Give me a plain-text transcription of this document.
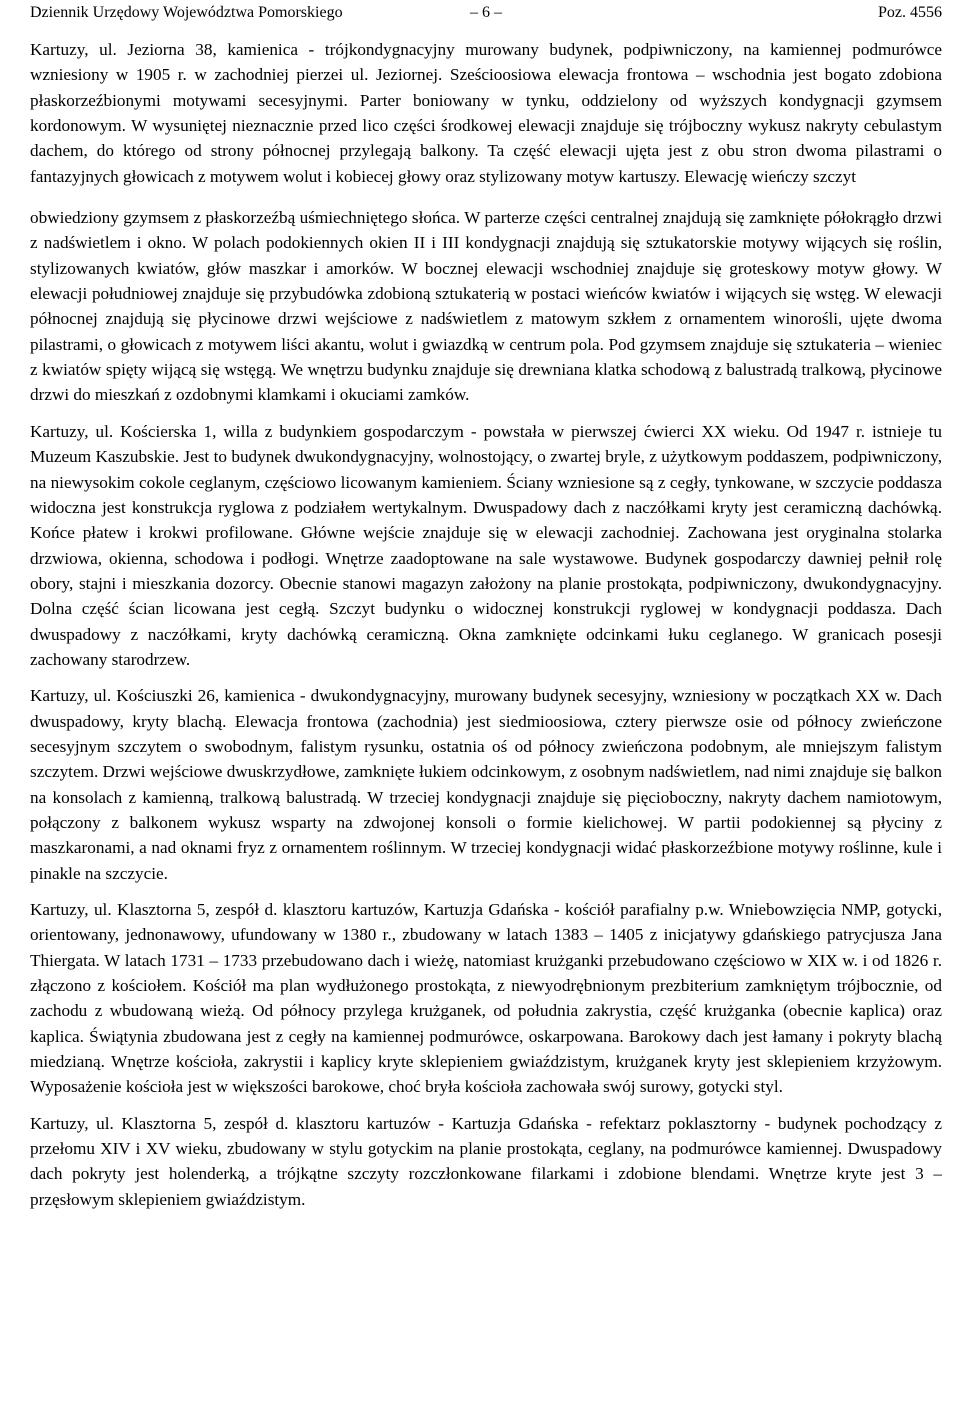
Dziennik Urzędowy Województwa Pomorskiego	– 6 –	Poz. 4556

Kartuzy, ul. Jeziorna 38, kamienica - trójkondygnacyjny murowany budynek, podpiwniczony, na kamiennej podmurówce wzniesiony w 1905 r. w zachodniej pierzei ul. Jeziornej. Sześcioosiowa elewacja frontowa – wschodnia jest bogato zdobiona płaskorzeźbionymi motywami secesyjnymi. Parter boniowany w tynku, oddzielony od wyższych kondygnacji gzymsem kordonowym. W wysuniętej nieznacznie przed lico części środkowej elewacji znajduje się trójboczny wykusz nakryty cebulastym dachem, do którego od strony północnej przylegają balkony. Ta część elewacji ujęta jest z obu stron dwoma pilastrami o fantazyjnych głowicach z motywem wolut i kobiecej głowy oraz stylizowany motyw kartuszy. Elewację wieńczy szczyt

obwiedziony gzymsem z płaskorzeźbą uśmiechniętego słońca. W parterze części centralnej znajdują się zamknięte półokrągło drzwi z nadświetlem i okno. W polach podokiennych okien II i III kondygnacji znajdują się sztukatorskie motywy wijących się roślin, stylizowanych kwiatów, głów maszkar i amorków. W bocznej elewacji wschodniej znajduje się groteskowy motyw głowy. W elewacji południowej znajduje się przybudówka zdobioną sztukaterią w postaci wieńców kwiatów i wijących się wstęg. W elewacji północnej znajdują się płycinowe drzwi wejściowe z nadświetlem z matowym szkłem z ornamentem winorośli, ujęte dwoma pilastrami, o głowicach z motywem liści akantu, wolut i gwiazdką w centrum pola. Pod gzymsem znajduje się sztukateria – wieniec z kwiatów spięty wijącą się wstęgą. We wnętrzu budynku znajduje się drewniana klatka schodową z balustradą tralkową, płycinowe drzwi do mieszkań z ozdobnymi klamkami i okuciami zamków.

Kartuzy, ul. Kościerska 1, willa z budynkiem gospodarczym - powstała w pierwszej ćwierci XX wieku. Od 1947 r. istnieje tu Muzeum Kaszubskie. Jest to budynek dwukondygnacyjny, wolnostojący, o zwartej bryle, z użytkowym poddaszem, podpiwniczony, na niewysokim cokole ceglanym, częściowo licowanym kamieniem. Ściany wzniesione są z cegły, tynkowane, w szczycie poddasza widoczna jest konstrukcja ryglowa z podziałem wertykalnym. Dwuspadowy dach z naczółkami kryty jest ceramiczną dachówką. Końce płatew i krokwi profilowane. Główne wejście znajduje się w elewacji zachodniej. Zachowana jest oryginalna stolarka drzwiowa, okienna, schodowa i podłogi. Wnętrze zaadoptowane na sale wystawowe. Budynek gospodarczy dawniej pełnił rolę obory, stajni i mieszkania dozorcy. Obecnie stanowi magazyn założony na planie prostokąta, podpiwniczony, dwukondygnacyjny. Dolna część ścian licowana jest cegłą. Szczyt budynku o widocznej konstrukcji ryglowej w kondygnacji poddasza. Dach dwuspadowy z naczółkami, kryty dachówką ceramiczną. Okna zamknięte odcinkami łuku ceglanego. W granicach posesji zachowany starodrzew.

Kartuzy, ul. Kościuszki 26, kamienica - dwukondygnacyjny, murowany budynek secesyjny, wzniesiony w początkach XX w. Dach dwuspadowy, kryty blachą. Elewacja frontowa (zachodnia) jest siedmioosiowa, cztery pierwsze osie od północy zwieńczone secesyjnym szczytem o swobodnym, falistym rysunku, ostatnia oś od północy zwieńczona podobnym, ale mniejszym falistym szczytem. Drzwi wejściowe dwuskrzydłowe, zamknięte łukiem odcinkowym, z osobnym nadświetlem, nad nimi znajduje się balkon na konsolach z kamienną, tralkową balustradą. W trzeciej kondygnacji znajduje się pięcioboczny, nakryty dachem namiotowym, połączony z balkonem wykusz wsparty na zdwojonej konsoli o formie kielichowej. W partii podokiennej są płyciny z maszkaronami, a nad oknami fryz z ornamentem roślinnym. W trzeciej kondygnacji widać płaskorzeźbione motywy roślinne, kule i pinakle na szczycie.

Kartuzy, ul. Klasztorna 5, zespół d. klasztoru kartuzów, Kartuzja Gdańska - kościół parafialny p.w. Wniebowzięcia NMP, gotycki, orientowany, jednonawowy, ufundowany w 1380 r., zbudowany w latach 1383 – 1405 z inicjatywy gdańskiego patrycjusza Jana Thiergata. W latach 1731 – 1733 przebudowano dach i wieżę, natomiast krużganki przebudowano częściowo w XIX w. i od 1826 r. złączono z kościołem. Kościół ma plan wydłużonego prostokąta, z niewyodrębnionym prezbiterium zamkniętym trójbocznie, od zachodu z wbudowaną wieżą. Od północy przylega krużganek, od południa zakrystia, część krużganka (obecnie kaplica) oraz kaplica. Świątynia zbudowana jest z cegły na kamiennej podmurówce, oskarpowana. Barokowy dach jest łamany i pokryty blachą miedzianą. Wnętrze kościoła, zakrystii i kaplicy kryte sklepieniem gwiaździstym, krużganek kryty jest sklepieniem krzyżowym. Wyposażenie kościoła jest w większości barokowe, choć bryła kościoła zachowała swój surowy, gotycki styl.

Kartuzy, ul. Klasztorna 5, zespół d. klasztoru kartuzów - Kartuzja Gdańska - refektarz poklasztorny - budynek pochodzący z przełomu XIV i XV wieku, zbudowany w stylu gotyckim na planie prostokąta, ceglany, na podmurówce kamiennej. Dwuspadowy dach pokryty jest holenderką, a trójkątne szczyty rozczłonkowane filarkami i zdobione blendami. Wnętrze kryte jest 3 – przęsłowym sklepieniem gwiaździstym.
